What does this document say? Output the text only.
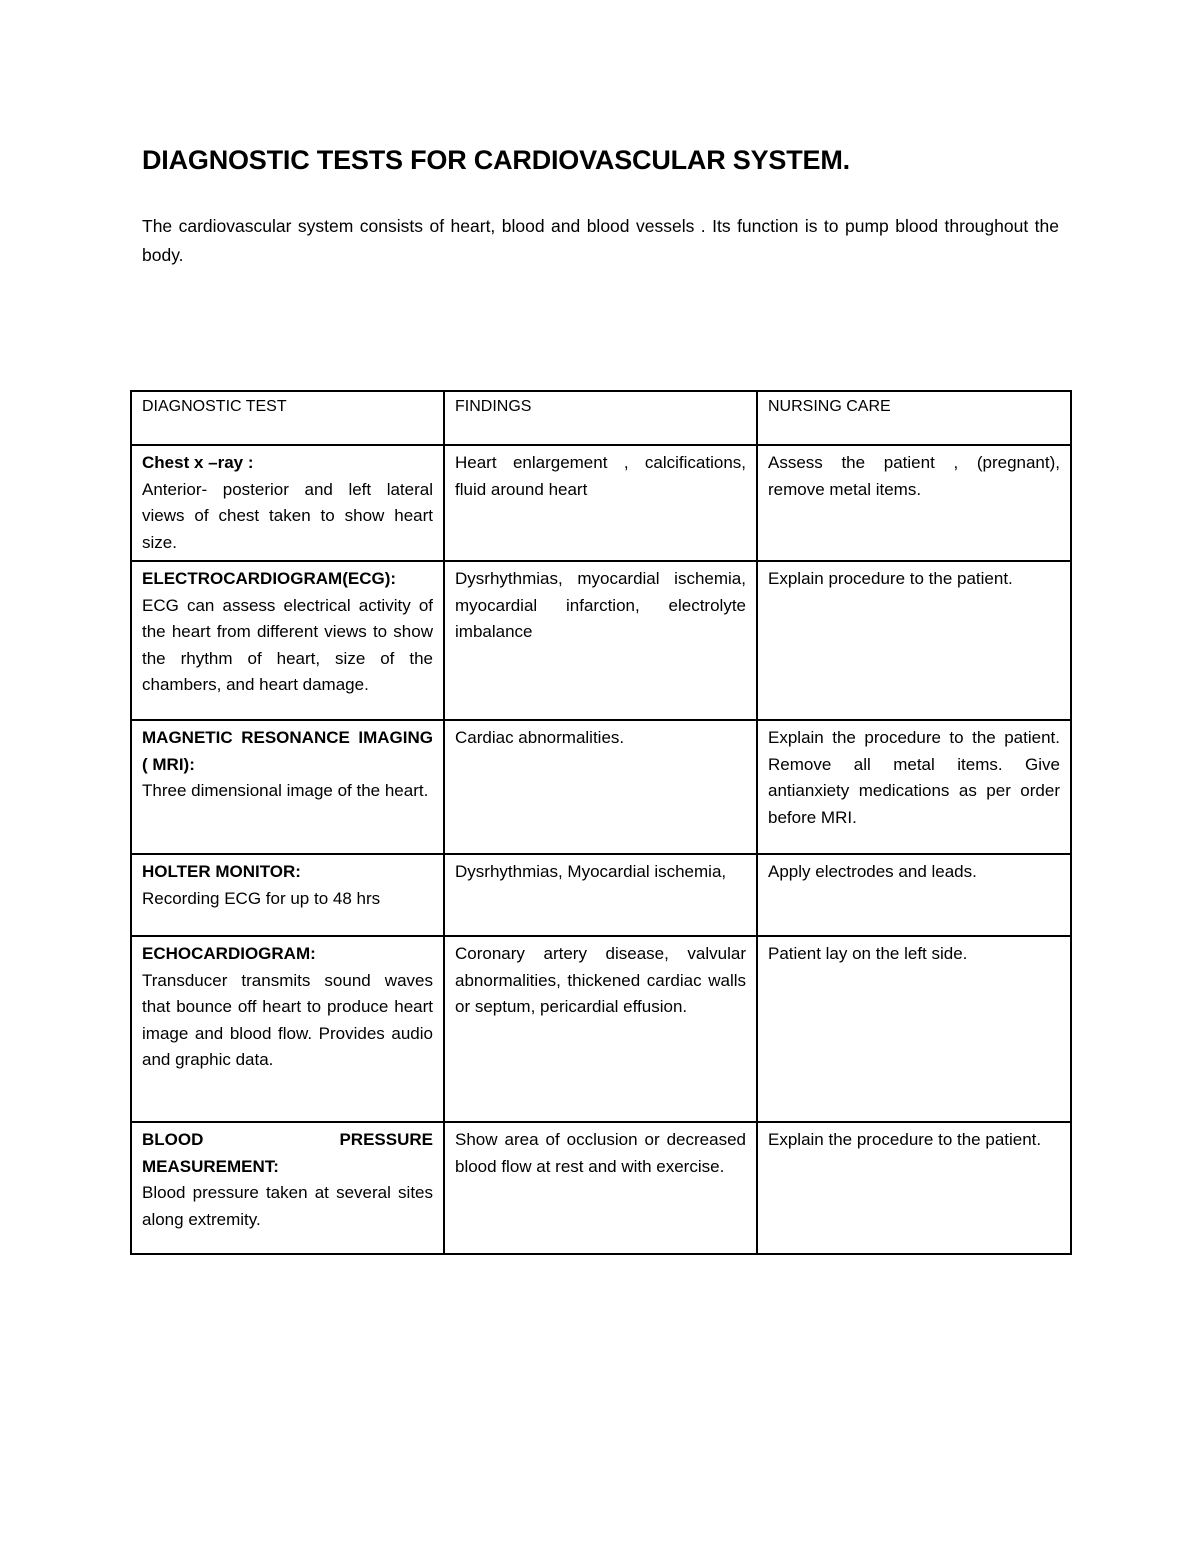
DIAGNOSTIC TESTS FOR CARDIOVASCULAR SYSTEM.

The cardiovascular system consists of heart, blood and blood vessels . Its function is to pump blood throughout the body.

DIAGNOSTIC TEST	FINDINGS	NURSING CARE

Chest x –ray :
Anterior- posterior and left lateral views of chest taken to show heart size.	Heart enlargement , calcifications, fluid around heart	Assess the patient , (pregnant), remove metal items.

ELECTROCARDIOGRAM(ECG):
ECG can assess electrical activity of the heart from different views to show the rhythm of heart, size of the chambers, and heart damage.	Dysrhythmias, myocardial ischemia, myocardial infarction, electrolyte imbalance	Explain procedure to the patient.

MAGNETIC RESONANCE IMAGING ( MRI):
Three dimensional image of the heart.	Cardiac abnormalities.	Explain the procedure to the patient. Remove all metal items. Give antianxiety medications as per order before MRI.

HOLTER MONITOR:
Recording ECG for up to 48 hrs	Dysrhythmias, Myocardial ischemia,	Apply electrodes and leads.

ECHOCARDIOGRAM:
Transducer transmits sound waves that bounce off heart to produce heart image and blood flow. Provides audio and graphic data.	Coronary artery disease, valvular abnormalities, thickened cardiac walls or septum, pericardial effusion.	Patient lay on the left side.

BLOOD PRESSURE MEASUREMENT:
Blood pressure taken at several sites along extremity.	Show area of occlusion or decreased blood flow at rest and with exercise.	Explain the procedure to the patient.
